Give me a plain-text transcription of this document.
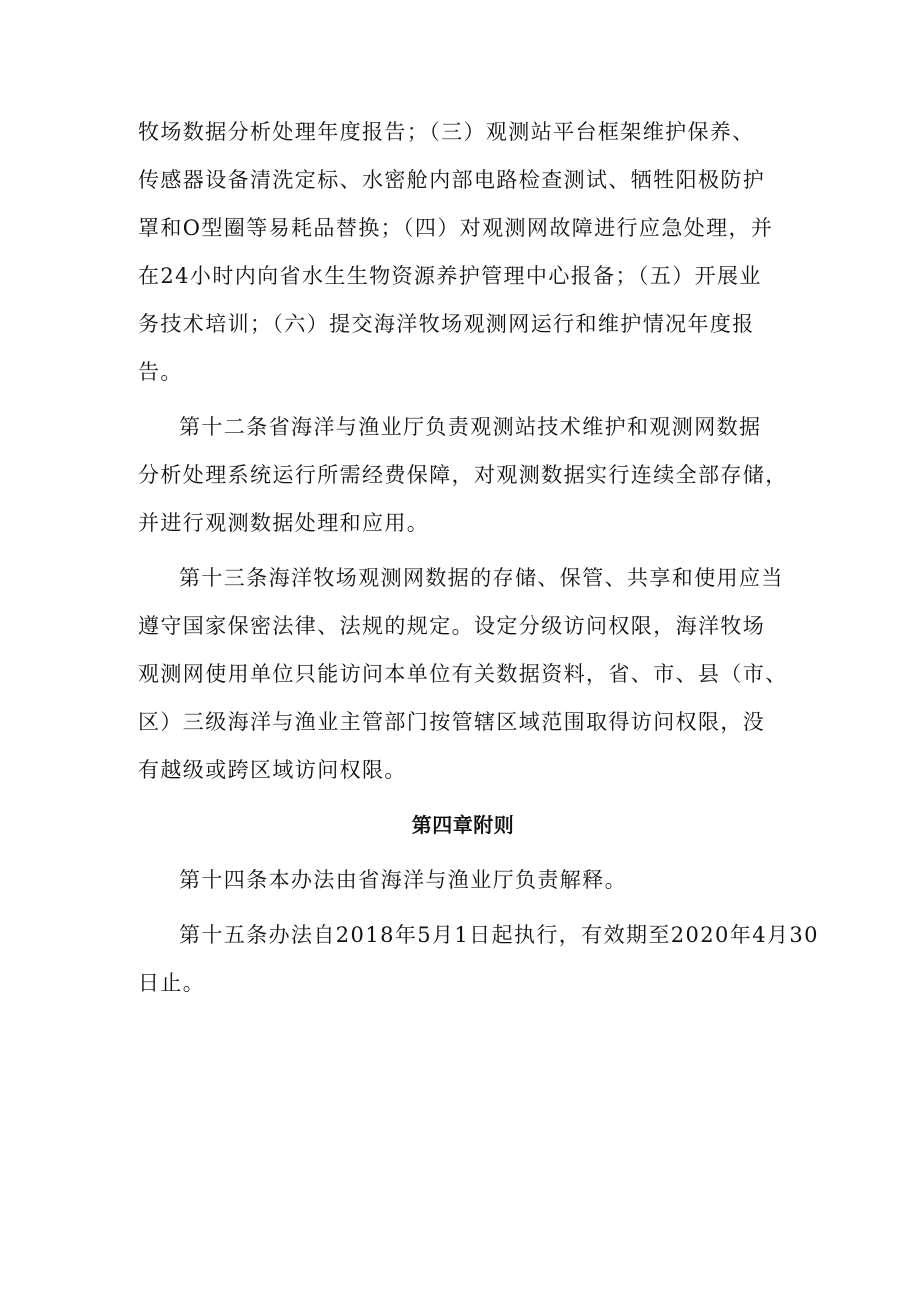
牧场数据分析处理年度报告；（三）观测站平台框架维护保养、
传感器设备清洗定标、水密舱内部电路检查测试、牺牲阳极防护
罩和O型圈等易耗品替换；（四）对观测网故障进行应急处理，并
在24小时内向省水生生物资源养护管理中心报备；（五）开展业
务技术培训；（六）提交海洋牧场观测网运行和维护情况年度报
告。

第十二条省海洋与渔业厅负责观测站技术维护和观测网数据
分析处理系统运行所需经费保障，对观测数据实行连续全部存储，
并进行观测数据处理和应用。

第十三条海洋牧场观测网数据的存储、保管、共享和使用应当
遵守国家保密法律、法规的规定。设定分级访问权限，海洋牧场
观测网使用单位只能访问本单位有关数据资料，省、市、县（市、
区）三级海洋与渔业主管部门按管辖区域范围取得访问权限，没
有越级或跨区域访问权限。

第四章附则

第十四条本办法由省海洋与渔业厅负责解释。

第十五条办法自2018年5月1日起执行，有效期至2020年4月30
日止。
